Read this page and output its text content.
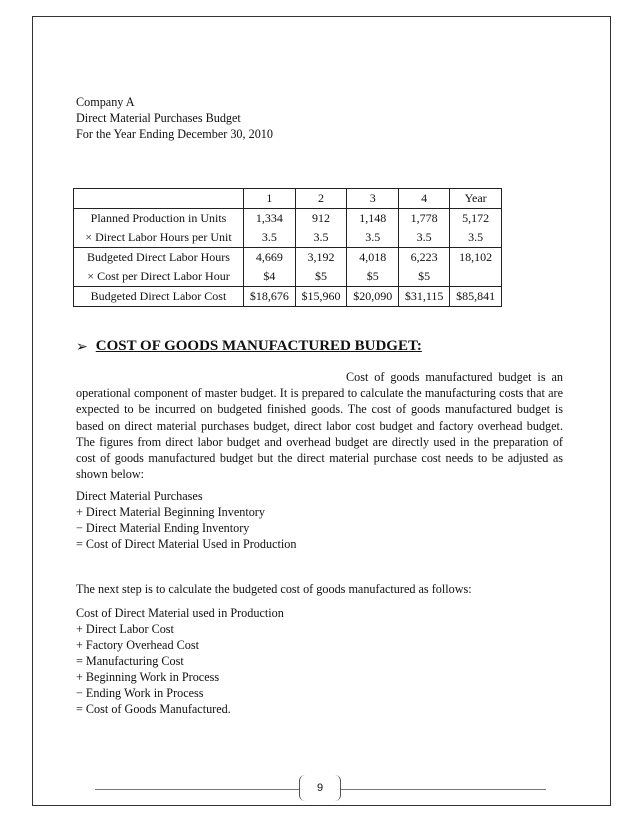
Company A
Direct Material Purchases Budget
For the Year Ending December 30, 2010
	1	2	3	4	Year
Planned Production in Units	1,334	912	1,148	1,778	5,172
× Direct Labor Hours per Unit	3.5	3.5	3.5	3.5	3.5
Budgeted Direct Labor Hours	4,669	3,192	4,018	6,223	18,102
× Cost per Direct Labor Hour	$4	$5	$5	$5	
Budgeted Direct Labor Cost	$18,676	$15,960	$20,090	$31,115	$85,841
➢ COST OF GOODS MANUFACTURED BUDGET:
Cost of goods manufactured budget is an operational component of master budget. It is prepared to calculate the manufacturing costs that are expected to be incurred on budgeted finished goods. The cost of goods manufactured budget is based on direct material purchases budget, direct labor cost budget and factory overhead budget. The figures from direct labor budget and overhead budget are directly used in the preparation of cost of goods manufactured budget but the direct material purchase cost needs to be adjusted as shown below:
Direct Material Purchases
+ Direct Material Beginning Inventory
− Direct Material Ending Inventory
= Cost of Direct Material Used in Production
The next step is to calculate the budgeted cost of goods manufactured as follows:
Cost of Direct Material used in Production
+ Direct Labor Cost
+ Factory Overhead Cost
= Manufacturing Cost
+ Beginning Work in Process
− Ending Work in Process
= Cost of Goods Manufactured.
9
